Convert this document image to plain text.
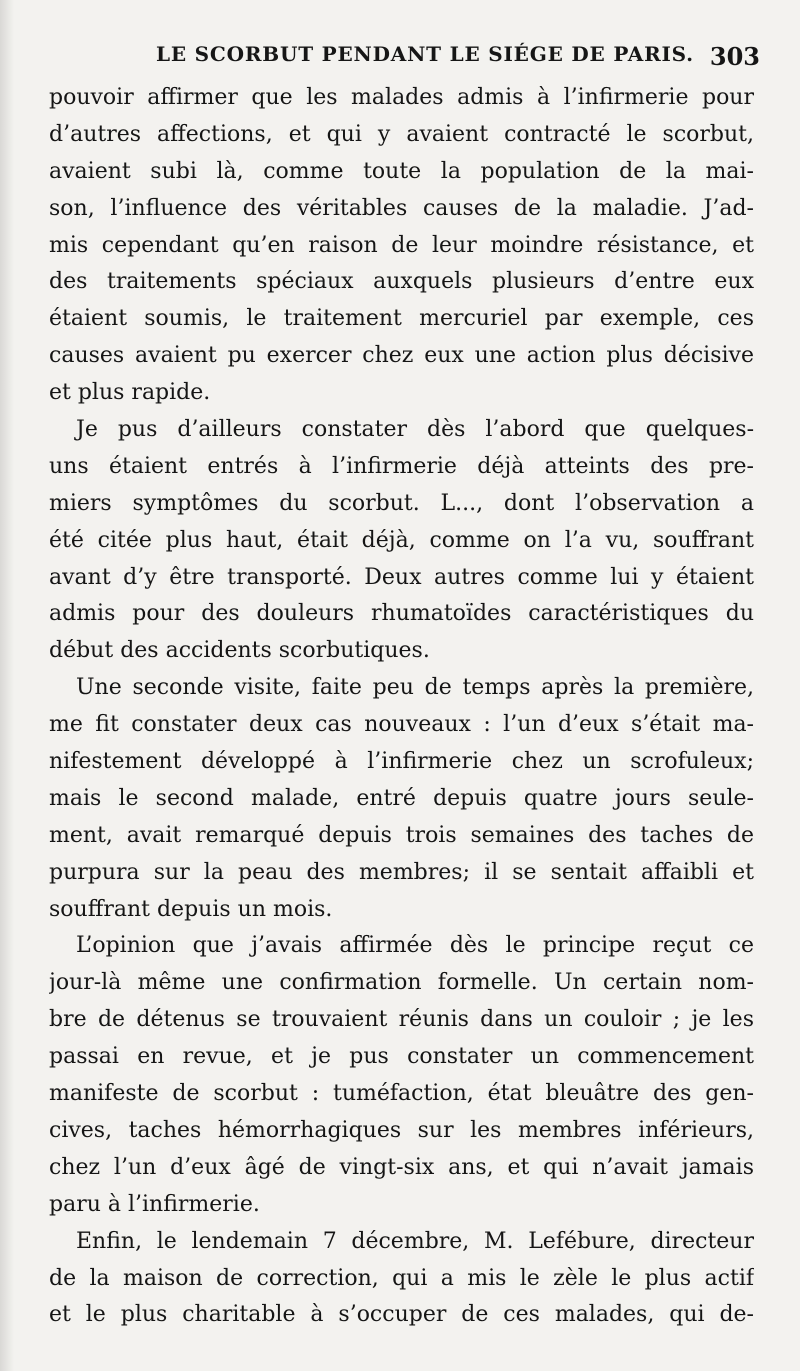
LE SCORBUT PENDANT LE SIÉGE DE PARIS. 303
pouvoir affirmer que les malades admis à l’infirmerie pour
d’autres affections, et qui y avaient contracté le scorbut,
avaient subi là, comme toute la population de la mai-
son, l’influence des véritables causes de la maladie. J’ad-
mis cependant qu’en raison de leur moindre résistance, et
des traitements spéciaux auxquels plusieurs d’entre eux
étaient soumis, le traitement mercuriel par exemple, ces
causes avaient pu exercer chez eux une action plus décisive
et plus rapide.
Je pus d’ailleurs constater dès l’abord que quelques-
uns étaient entrés à l’infirmerie déjà atteints des pre-
miers symptômes du scorbut. L..., dont l’observation a
été citée plus haut, était déjà, comme on l’a vu, souffrant
avant d’y être transporté. Deux autres comme lui y étaient
admis pour des douleurs rhumatoïdes caractéristiques du
début des accidents scorbutiques.
Une seconde visite, faite peu de temps après la première,
me fit constater deux cas nouveaux : l’un d’eux s’était ma-
nifestement développé à l’infirmerie chez un scrofuleux;
mais le second malade, entré depuis quatre jours seule-
ment, avait remarqué depuis trois semaines des taches de
purpura sur la peau des membres; il se sentait affaibli et
souffrant depuis un mois.
L’opinion que j’avais affirmée dès le principe reçut ce
jour-là même une confirmation formelle. Un certain nom-
bre de détenus se trouvaient réunis dans un couloir ; je les
passai en revue, et je pus constater un commencement
manifeste de scorbut : tuméfaction, état bleuâtre des gen-
cives, taches hémorrhagiques sur les membres inférieurs,
chez l’un d’eux âgé de vingt-six ans, et qui n’avait jamais
paru à l’infirmerie.
Enfin, le lendemain 7 décembre, M. Lefébure, directeur
de la maison de correction, qui a mis le zèle le plus actif
et le plus charitable à s’occuper de ces malades, qui de-
